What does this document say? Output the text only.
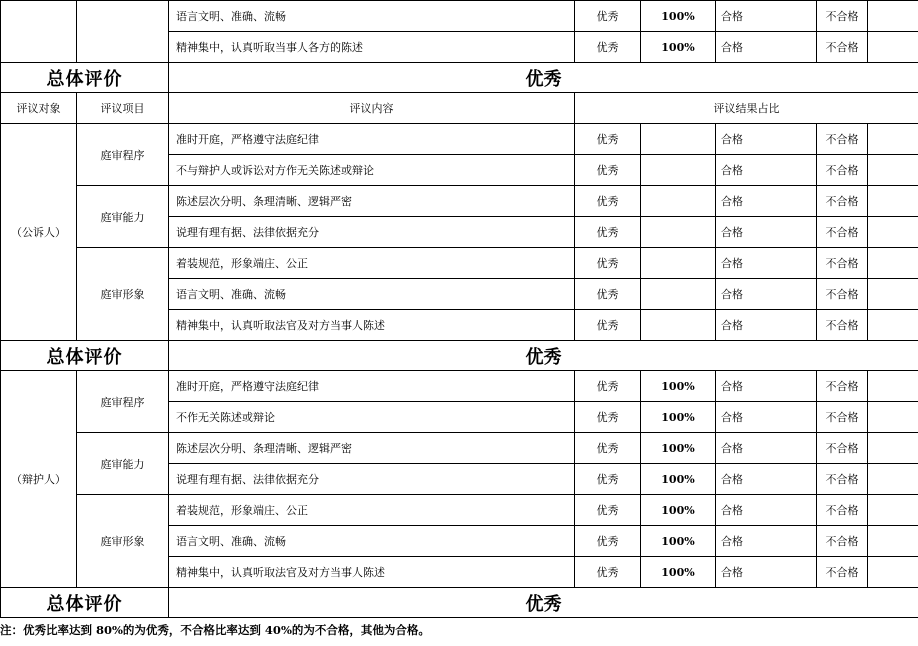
		语言文明、准确、流畅	优秀	100%	合格	不合格	
		精神集中，认真听取当事人各方的陈述	优秀	100%	合格	不合格	
总体评价		优秀					
评议对象	评议项目	评议内容	评议结果占比				
（公诉人）	庭审程序	准时开庭，严格遵守法庭纪律	优秀		合格	不合格	
		不与辩护人或诉讼对方作无关陈述或辩论	优秀		合格	不合格	
	庭审能力	陈述层次分明、条理清晰、逻辑严密	优秀		合格	不合格	
		说理有理有据、法律依据充分	优秀		合格	不合格	
	庭审形象	着装规范，形象端庄、公正	优秀		合格	不合格	
		语言文明、准确、流畅	优秀		合格	不合格	
		精神集中，认真听取法官及对方当事人陈述	优秀		合格	不合格	
总体评价		优秀					
（辩护人）	庭审程序	准时开庭，严格遵守法庭纪律	优秀	100%	合格	不合格	
		不作无关陈述或辩论	优秀	100%	合格	不合格	
	庭审能力	陈述层次分明、条理清晰、逻辑严密	优秀	100%	合格	不合格	
		说理有理有据、法律依据充分	优秀	100%	合格	不合格	
	庭审形象	着装规范，形象端庄、公正	优秀	100%	合格	不合格	
		语言文明、准确、流畅	优秀	100%	合格	不合格	
		精神集中，认真听取法官及对方当事人陈述	优秀	100%	合格	不合格	
总体评价		优秀					
注：优秀比率达到 80%的为优秀，不合格比率达到 40%的为不合格，其他为合格。
